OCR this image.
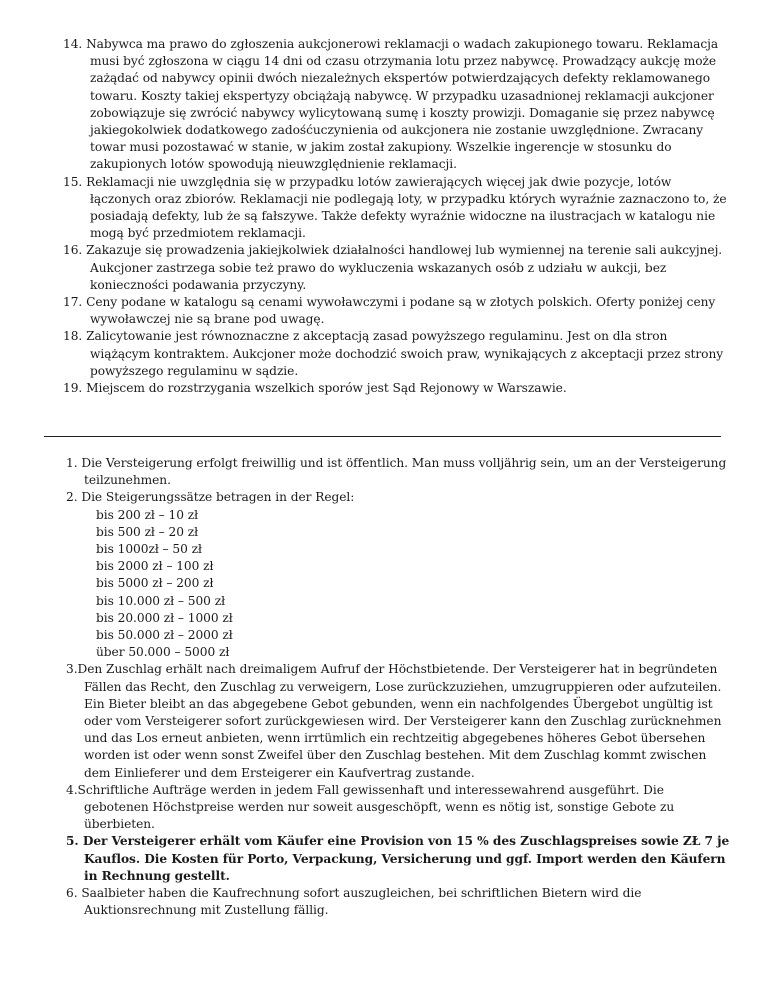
14. Nabywca ma prawo do zgłoszenia aukcjonerowi reklamacji o wadach zakupionego towaru. Reklamacja musi być zgłoszona w ciągu 14 dni od czasu otrzymania lotu przez nabywcę. Prowadzący aukcję może zażądać od nabywcy opinii dwóch niezależnych ekspertów potwierdzających defekty reklamowanego towaru. Koszty takiej ekspertyzy obciążają nabywcę. W przypadku uzasadnionej reklamacji aukcjoner zobowiązuje się zwrócić nabywcy wylicytowaną sumę i koszty prowizji. Domaganie się przez nabywcę jakiegokolwiek dodatkowego zadośćuczynienia od aukcjonera nie zostanie uwzględnione. Zwracany towar musi pozostawać w stanie, w jakim został zakupiony. Wszelkie ingerencje w stosunku do zakupionych lotów spowodują nieuwzględnienie reklamacji.
15. Reklamacji nie uwzględnia się w przypadku lotów zawierających więcej jak dwie pozycje, lotów łączonych oraz zbiorów. Reklamacji nie podlegają loty, w przypadku których wyraźnie zaznaczono to, że posiadają defekty, lub że są fałszywe. Także defekty wyraźnie widoczne na ilustracjach w katalogu nie mogą być przedmiotem reklamacji.
16. Zakazuje się prowadzenia jakiejkolwiek działalności handlowej lub wymiennej na terenie sali aukcyjnej. Aukcjoner zastrzega sobie też prawo do wykluczenia wskazanych osób z udziału w aukcji, bez konieczności podawania przyczyny.
17. Ceny podane w katalogu są cenami wywoławczymi i podane są w złotych polskich. Oferty poniżej ceny wywoławczej nie są brane pod uwagę.
18. Zalicytowanie jest równoznaczne z akceptacją zasad powyższego regulaminu. Jest on dla stron wiążącym kontraktem. Aukcjoner może dochodzić swoich praw, wynikających z akceptacji przez strony powyższego regulaminu w sądzie.
19. Miejscem do rozstrzygania wszelkich sporów jest Sąd Rejonowy w Warszawie.
1. Die Versteigerung erfolgt freiwillig und ist öffentlich. Man muss volljährig sein, um an der Versteigerung teilzunehmen.
2. Die Steigerungssätze betragen in der Regel:
bis 200 zł – 10 zł
bis 500 zł – 20 zł
bis 1000zł – 50 zł
bis 2000 zł – 100 zł
bis 5000 zł – 200 zł
bis 10.000 zł – 500 zł
bis 20.000 zł – 1000 zł
bis 50.000 zł – 2000 zł
über 50.000 – 5000 zł
3.Den Zuschlag erhält nach dreimaligem Aufruf der Höchstbietende. Der Versteigerer hat in begründeten Fällen das Recht, den Zuschlag zu verweigern, Lose zurückzuziehen, umzugruppieren oder aufzuteilen. Ein Bieter bleibt an das abgegebene Gebot gebunden, wenn ein nachfolgendes Übergebot ungültig ist oder vom Versteigerer sofort zurückgewiesen wird. Der Versteigerer kann den Zuschlag zurücknehmen und das Los erneut anbieten, wenn irrtümlich ein rechtzeitig abgegebenes höheres Gebot übersehen worden ist oder wenn sonst Zweifel über den Zuschlag bestehen. Mit dem Zuschlag kommt zwischen dem Einlieferer und dem Ersteigerer ein Kaufvertrag zustande.
4.Schriftliche Aufträge werden in jedem Fall gewissenhaft und interessewahrend ausgeführt. Die gebotenen Höchstpreise werden nur soweit ausgeschöpft, wenn es nötig ist, sonstige Gebote zu überbieten.
5. Der Versteigerer erhält vom Käufer eine Provision von 15 % des Zuschlagspreises sowie ZŁ 7 je Kauflos. Die Kosten für Porto, Verpackung, Versicherung und ggf. Import werden den Käufern in Rechnung gestellt.
6. Saalbieter haben die Kaufrechnung sofort auszugleichen, bei schriftlichen Bietern wird die Auktionsrechnung mit Zustellung fällig.
